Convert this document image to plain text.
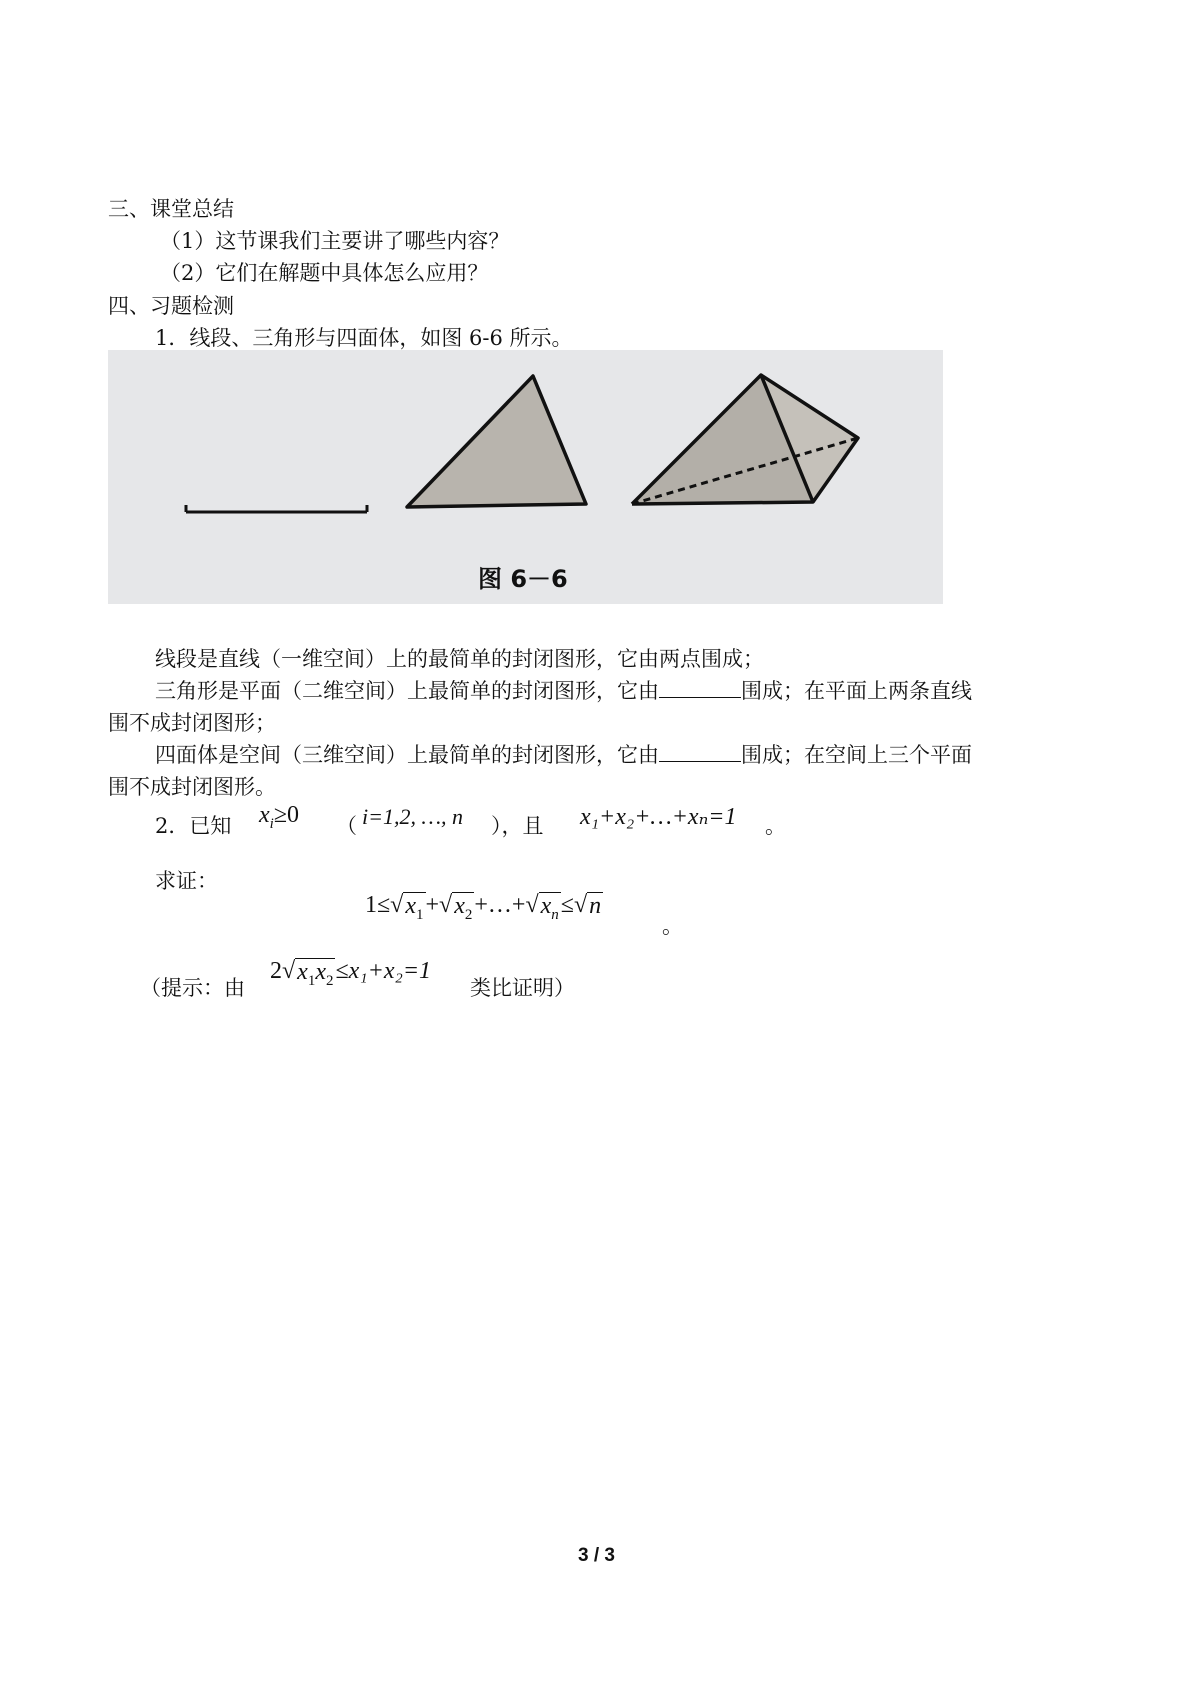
三、课堂总结
（1）这节课我们主要讲了哪些内容？
（2）它们在解题中具体怎么应用？
四、习题检测
1．线段、三角形与四面体，如图 6-6 所示。
图 6－6
线段是直线（一维空间）上的最简单的封闭图形，它由两点围成；
三角形是平面（二维空间）上最简单的封闭图形，它由	围成；在平面上两条直线
围不成封闭图形；
四面体是空间（三维空间）上最简单的封闭图形，它由	围成；在空间上三个平面
围不成封闭图形。
2．已知 $x_i\ge 0$ （ i=1,2, …, n ），且 x₁+x₂+…+xₙ=1 。
求证：
1≤ √ $x_1$ + √ $x_2$ +…+ √ $x_n$ ≤ √ n
。
（提示：由
2 √ $x_1x_2 \le x_1+x_2=1$
类比证明）
3 / 3
